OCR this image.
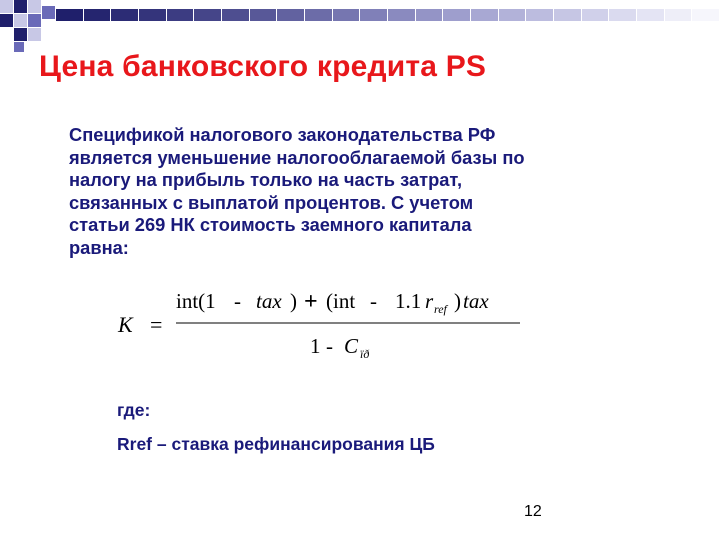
Цена банковского кредита PS
Спецификой налогового законодательства РФ
является уменьшение налогооблагаемой базы по
налогу на прибыль только на часть затрат,
связанных с выплатой процентов. С учетом
статьи 269 НК стоимость заемного капитала
равна:
K =
int(1 - tax ) + (int - 1.1 r ref ) tax
1 - C ïð
где:
Rref – ставка рефинансирования ЦБ
12
